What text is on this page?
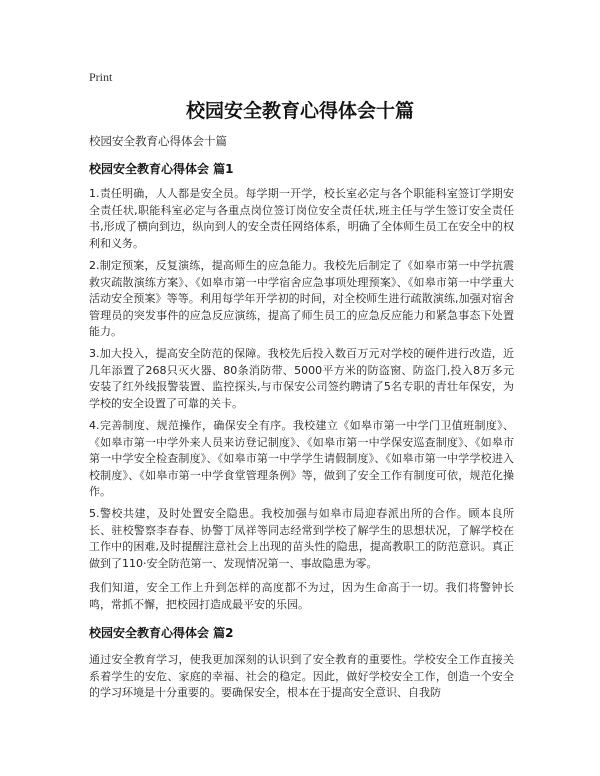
Print
校园安全教育心得体会十篇
校园安全教育心得体会十篇
校园安全教育心得体会 篇1
1.责任明确，人人都是安全员。每学期一开学，校长室必定与各个职能科室签订学期安全责任状,职能科室必定与各重点岗位签订岗位安全责任状,班主任与学生签订安全责任书,形成了横向到边，纵向到人的安全责任网络体系，明确了全体师生员工在安全中的权利和义务。
2.制定预案，反复演练，提高师生的应急能力。我校先后制定了《如皋市第一中学抗震救灾疏散演练方案》、《如皋市第一中学宿舍应急事项处理预案》、《如皋市第一中学重大活动安全预案》等等。利用每学年开学初的时间，对全校师生进行疏散演练,加强对宿舍管理员的突发事件的应急反应演练，提高了师生员工的应急反应能力和紧急事态下处置能力。
3.加大投入，提高安全防范的保障。我校先后投入数百万元对学校的硬件进行改造，近几年添置了268只灭火器、80条消防带、5000平方米的防盗窗、防盗门,投入8万多元安装了红外线报警装置、监控探头,与市保安公司签约聘请了5名专职的青壮年保安，为学校的安全设置了可靠的关卡。
4.完善制度、规范操作，确保安全有序。我校建立《如皋市第一中学门卫值班制度》、《如皋市第一中学外来人员来访登记制度》、《如皋市第一中学保安巡查制度》、《如皋市第一中学安全检查制度》、《如皋市第一中学学生请假制度》、《如皋市第一中学学校进入校制度》、《如皋市第一中学食堂管理条例》等，做到了安全工作有制度可依，规范化操作。
5.警校共建，及时处置安全隐患。我校加强与如皋市局迎春派出所的合作。顾本良所长、驻校警察李春春、协警丁凤祥等同志经常到学校了解学生的思想状况，了解学校在工作中的困难,及时提醒注意社会上出现的苗头性的隐患，提高教职工的防范意识。真正做到了110·安全防范第一、发现情况第一、事故隐患为零。
我们知道，安全工作上升到怎样的高度都不为过，因为生命高于一切。我们将警钟长鸣，常抓不懈，把校园打造成最平安的乐园。
校园安全教育心得体会 篇2
通过安全教育学习，使我更加深刻的认识到了安全教育的重要性。学校安全工作直接关系着学生的安危、家庭的幸福、社会的稳定。因此，做好学校安全工作，创造一个安全的学习环境是十分重要的。要确保安全，根本在于提高安全意识、自我防
